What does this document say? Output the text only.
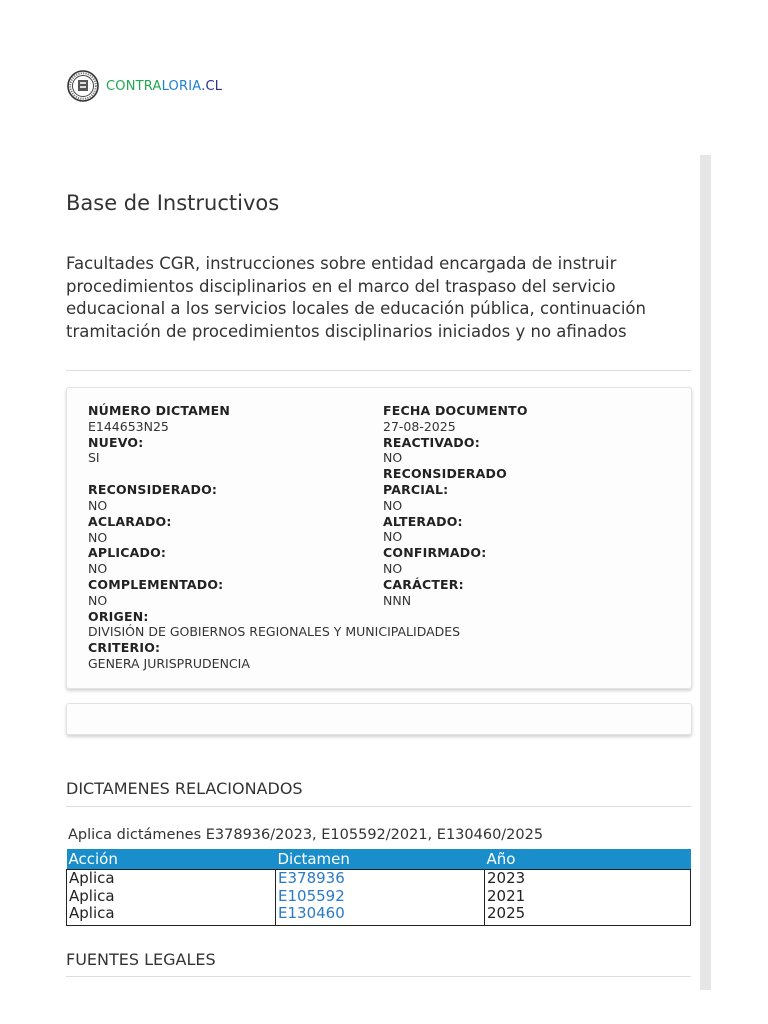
CONTRALORIA.CL
Base de Instructivos
Facultades CGR, instrucciones sobre entidad encargada de instruir procedimientos disciplinarios en el marco del traspaso del servicio educacional a los servicios locales de educación pública, continuación tramitación de procedimientos disciplinarios iniciados y no afinados
NÚMERO DICTAMEN
E144653N25
NUEVO:
SI
RECONSIDERADO:
NO
ACLARADO:
NO
APLICADO:
NO
COMPLEMENTADO:
NO
ORIGEN:
DIVISIÓN DE GOBIERNOS REGIONALES Y MUNICIPALIDADES
CRITERIO:
GENERA JURISPRUDENCIA
FECHA DOCUMENTO
27-08-2025
REACTIVADO:
NO
RECONSIDERADO PARCIAL:
NO
ALTERADO:
NO
CONFIRMADO:
NO
CARÁCTER:
NNN
DICTAMENES RELACIONADOS
Aplica dictámenes E378936/2023, E105592/2021, E130460/2025
Acción	Dictamen	Año
Aplica	E378936	2023
Aplica	E105592	2021
Aplica	E130460	2025
FUENTES LEGALES
